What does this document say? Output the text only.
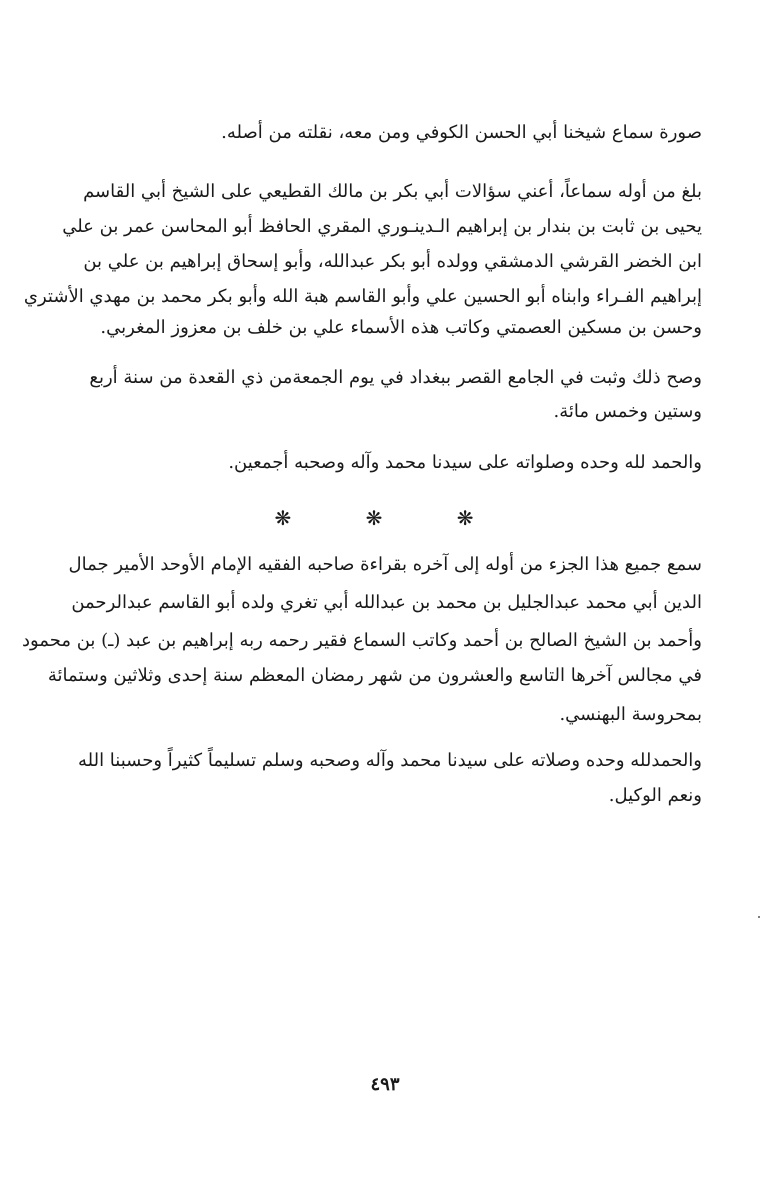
صورة سماع شيخنا أبي الحسن الكوفي ومن معه، نقلته من أصله.
بلغ من أوله سماعاً، أعني سؤالات أبي بكر بن مالك القطيعي على الشيخ أبي القاسم
يحيى بن ثابت بن بندار بن إبراهيم الـدينـوري المقري الحافظ أبو المحاسن عمر بن علي
ابن الخضر القرشي الدمشقي وولده أبو بكر عبدالله، وأبو إسحاق إبراهيم بن علي بن
إبراهيم الفـراء وابناه أبو الحسين علي وأبو القاسم هبة الله وأبو بكر محمد بن مهدي الأشتري
وحسن بن مسكين العصمتي وكاتب هذه الأسماء علي بن خلف بن معزوز المغربي.
وصح ذلك وثبت في الجامع القصر ببغداد في يوم الجمعةمن ذي القعدة من سنة أربع
وستين وخمس مائة.
والحمد لله وحده وصلواته على سيدنا محمد وآله وصحبه أجمعين.
❋	❋	❋
سمع جميع هذا الجزء من أوله إلى آخره بقراءة صاحبه الفقيه الإمام الأوحد الأمير جمال
الدين أبي محمد عبدالجليل بن محمد بن عبدالله أبي تغري ولده أبو القاسم عبدالرحمن
وأحمد بن الشيخ الصالح بن أحمد وكاتب السماع فقير رحمه ربه إبراهيم بن عبد (ـ) بن محمود
في مجالس آخرها التاسع والعشرون من شهر رمضان المعظم سنة إحدى وثلاثين وستمائة
بمحروسة البهنسي.
والحمدلله وحده وصلاته على سيدنا محمد وآله وصحبه وسلم تسليماً كثيراً وحسبنا الله
ونعم الوكيل.
٤٩٣
